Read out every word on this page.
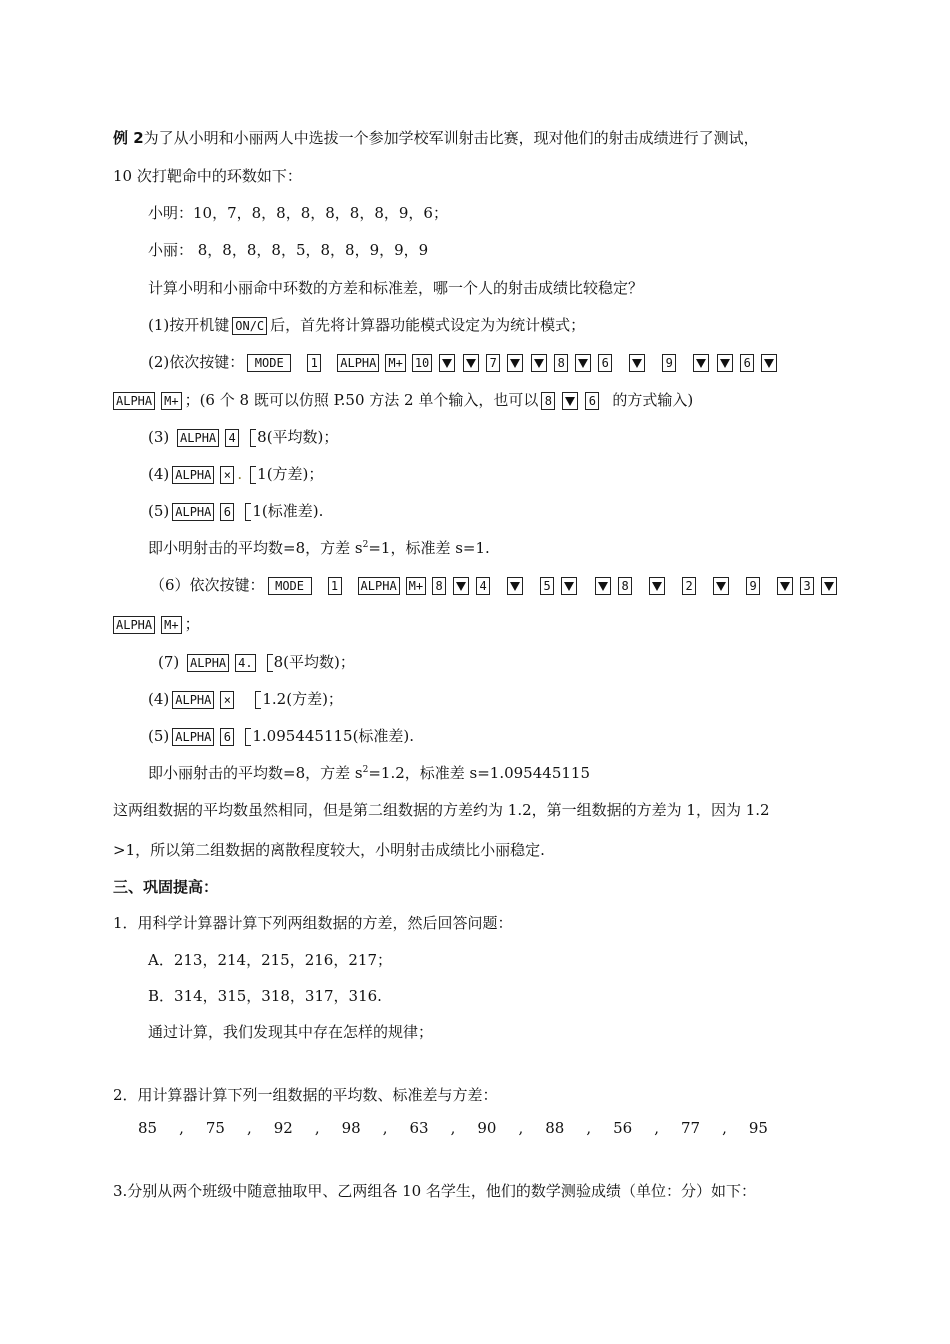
例 2为了从小明和小丽两人中选拔一个参加学校军训射击比赛，现对他们的射击成绩进行了测试，
10 次打靶命中的环数如下：
小明：10，7，8，8，8，8，8，8，9，6；
小丽： 8，8，8，8，5，8，8，9，9，9
计算小明和小丽命中环数的方差和标准差，哪一个人的射击成绩比较稳定？
(1)按开机键 ON/C 后，首先将计算器功能模式设定为为统计模式；
(2)依次按键： MODE 1 ALPHA M+ 10	7	8	6	9	6
ALPHA M+ ；(6 个 8 既可以仿照 P.50 方法 2 单个输入，也可以 8	6 的方式输入)
(3) ALPHA 4 8(平均数)；
(4) ALPHA × . 1(方差)；
(5) ALPHA 6 1(标准差).
即小明射击的平均数=8，方差 $s^2=1$，标准差 s=1.
（6）依次按键： MODE 1 ALPHA M+ 8	4	5	8	2	9	3
ALPHA M+ ；
(7) ALPHA 4. 8(平均数)；
(4) ALPHA × 1.2(方差)；
(5) ALPHA 6 1.095445115(标准差).
即小丽射击的平均数=8，方差 $s^2=1.2$，标准差 s=1.095445115
这两组数据的平均数虽然相同，但是第二组数据的方差约为 1.2，第一组数据的方差为 1，因为 1.2
>1，所以第二组数据的离散程度较大，小明射击成绩比小丽稳定.
三、巩固提高：
1．用科学计算器计算下列两组数据的方差，然后回答问题：
A．213，214，215，216，217；
B．314，315，318，317，316.
通过计算，我们发现其中存在怎样的规律；
2．用计算器计算下列一组数据的平均数、标准差与方差：
85 , 75 , 92 , 98 , 63 , 90 , 88 , 56 , 77 , 95
3.分别从两个班级中随意抽取甲、乙两组各 10 名学生，他们的数学测验成绩（单位：分）如下：
